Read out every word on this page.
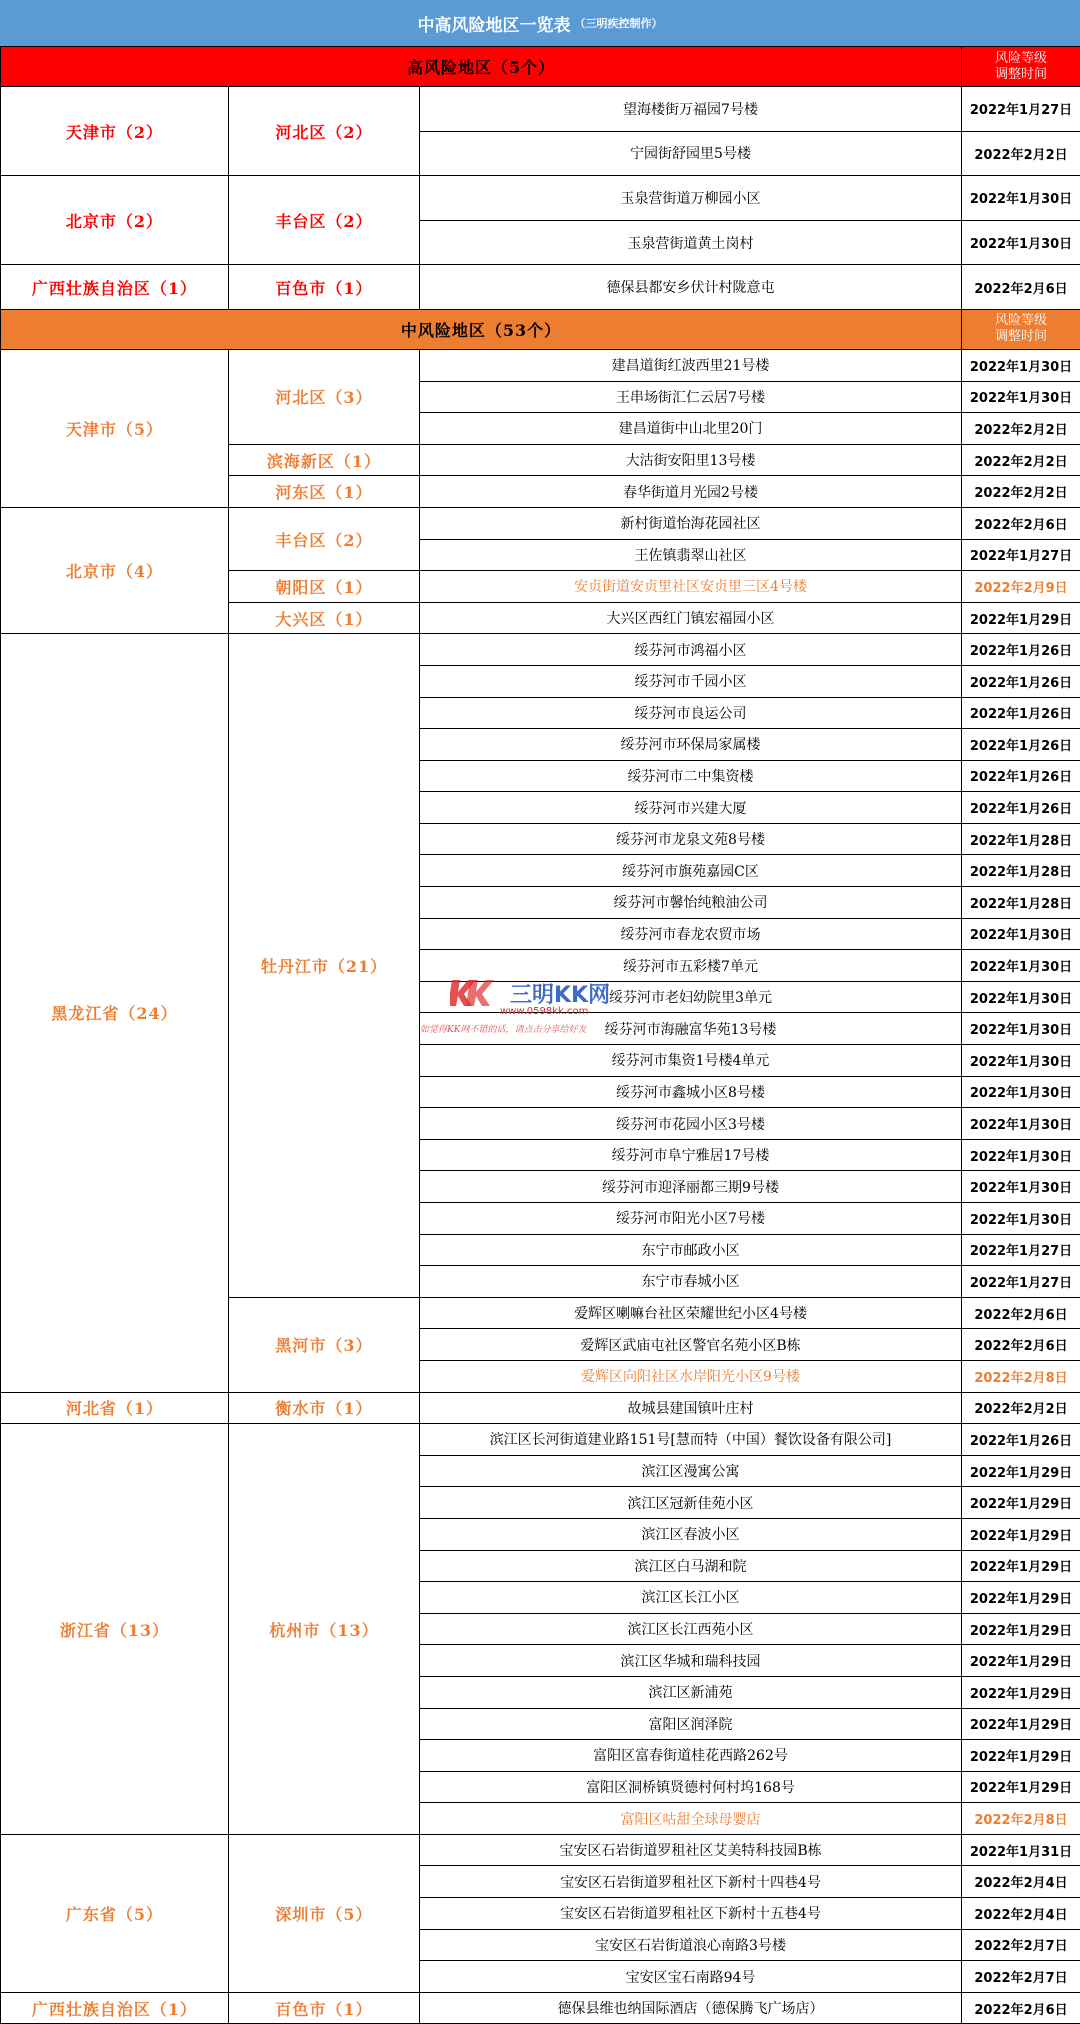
中高风险地区一览表 （三明疾控制作）
高风险地区（5个）			风险等级
调整时间
天津市（2）	河北区（2）	望海楼街万福园7号楼	2022年1月27日
		宁园街舒园里5号楼	2022年2月2日
北京市（2）	丰台区（2）	玉泉营街道万柳园小区	2022年1月30日
		玉泉营街道黄土岗村	2022年1月30日
广西壮族自治区（1）	百色市（1）	德保县都安乡伏计村陇意屯	2022年2月6日
中风险地区（53个）			风险等级
调整时间
天津市（5）	河北区（3）	建昌道街红波西里21号楼	2022年1月30日
		王串场街汇仁云居7号楼	2022年1月30日
		建昌道街中山北里20门	2022年2月2日
	滨海新区（1）	大沽街安阳里13号楼	2022年2月2日
	河东区（1）	春华街道月光园2号楼	2022年2月2日
北京市（4）	丰台区（2）	新村街道怡海花园社区	2022年2月6日
		王佐镇翡翠山社区	2022年1月27日
	朝阳区（1）	安贞街道安贞里社区安贞里三区4号楼	2022年2月9日
	大兴区（1）	大兴区西红门镇宏福园小区	2022年1月29日
黑龙江省（24）	牡丹江市（21）	绥芬河市鸿福小区	2022年1月26日
		绥芬河市千园小区	2022年1月26日
		绥芬河市良运公司	2022年1月26日
		绥芬河市环保局家属楼	2022年1月26日
		绥芬河市二中集资楼	2022年1月26日
		绥芬河市兴建大厦	2022年1月26日
		绥芬河市龙泉文苑8号楼	2022年1月28日
		绥芬河市旗苑嘉园C区	2022年1月28日
		绥芬河市馨怡纯粮油公司	2022年1月28日
		绥芬河市春龙农贸市场	2022年1月30日
		绥芬河市五彩楼7单元	2022年1月30日
		绥芬河市老妇幼院里3单元	2022年1月30日
		绥芬河市海融富华苑13号楼	2022年1月30日
		绥芬河市集资1号楼4单元	2022年1月30日
		绥芬河市鑫城小区8号楼	2022年1月30日
		绥芬河市花园小区3号楼	2022年1月30日
		绥芬河市阜宁雅居17号楼	2022年1月30日
		绥芬河市迎泽丽都三期9号楼	2022年1月30日
		绥芬河市阳光小区7号楼	2022年1月30日
		东宁市邮政小区	2022年1月27日
		东宁市春城小区	2022年1月27日
	黑河市（3）	爱辉区喇嘛台社区荣耀世纪小区4号楼	2022年2月6日
		爱辉区武庙屯社区警官名苑小区B栋	2022年2月6日
		爱辉区向阳社区水岸阳光小区9号楼	2022年2月8日
河北省（1）	衡水市（1）	故城县建国镇叶庄村	2022年2月2日
浙江省（13）	杭州市（13）	滨江区长河街道建业路151号[慧而特（中国）餐饮设备有限公司]	2022年1月26日
		滨江区漫寓公寓	2022年1月29日
		滨江区冠新佳苑小区	2022年1月29日
		滨江区春波小区	2022年1月29日
		滨江区白马湖和院	2022年1月29日
		滨江区长江小区	2022年1月29日
		滨江区长江西苑小区	2022年1月29日
		滨江区华城和瑞科技园	2022年1月29日
		滨江区新浦苑	2022年1月29日
		富阳区润泽院	2022年1月29日
		富阳区富春街道桂花西路262号	2022年1月29日
		富阳区洞桥镇贤德村何村坞168号	2022年1月29日
		富阳区咕甜全球母婴店	2022年2月8日
广东省（5）	深圳市（5）	宝安区石岩街道罗租社区艾美特科技园B栋	2022年1月31日
		宝安区石岩街道罗租社区下新村十四巷4号	2022年2月4日
		宝安区石岩街道罗租社区下新村十五巷4号	2022年2月4日
		宝安区石岩街道浪心南路3号楼	2022年2月7日
		宝安区宝石南路94号	2022年2月7日
广西壮族自治区（1）	百色市（1）	德保县维也纳国际酒店（德保腾飞广场店）	2022年2月6日
三明KK网
www.0598kk.com
如觉得KK网不错的话，请点击分享给好友
